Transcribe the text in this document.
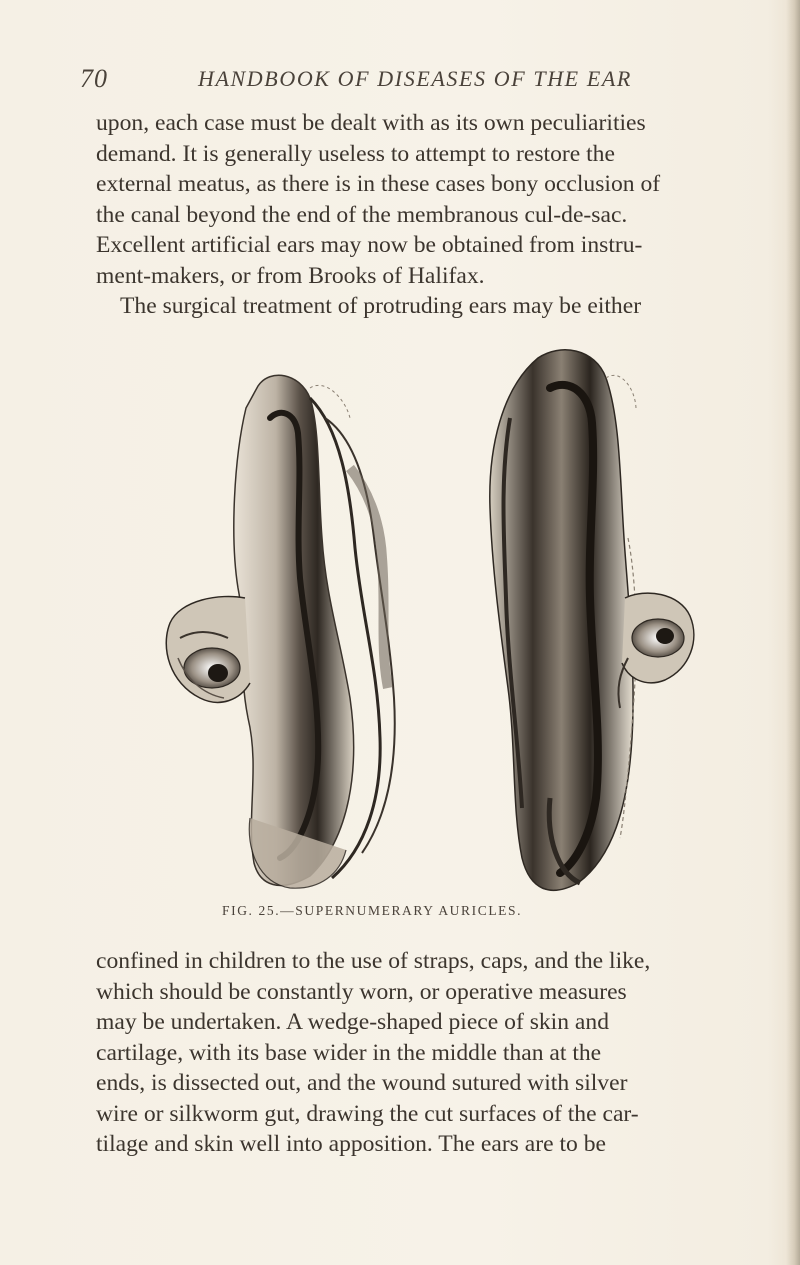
70	HANDBOOK OF DISEASES OF THE EAR

upon, each case must be dealt with as its own peculiarities
demand. It is generally useless to attempt to restore the
external meatus, as there is in these cases bony occlusion of
the canal beyond the end of the membranous cul-de-sac.
Excellent artificial ears may now be obtained from instru-
ment-makers, or from Brooks of Halifax.
The surgical treatment of protruding ears may be either

FIG. 25.—SUPERNUMERARY AURICLES.

confined in children to the use of straps, caps, and the like,
which should be constantly worn, or operative measures
may be undertaken. A wedge-shaped piece of skin and
cartilage, with its base wider in the middle than at the
ends, is dissected out, and the wound sutured with silver
wire or silkworm gut, drawing the cut surfaces of the car-
tilage and skin well into apposition. The ears are to be
